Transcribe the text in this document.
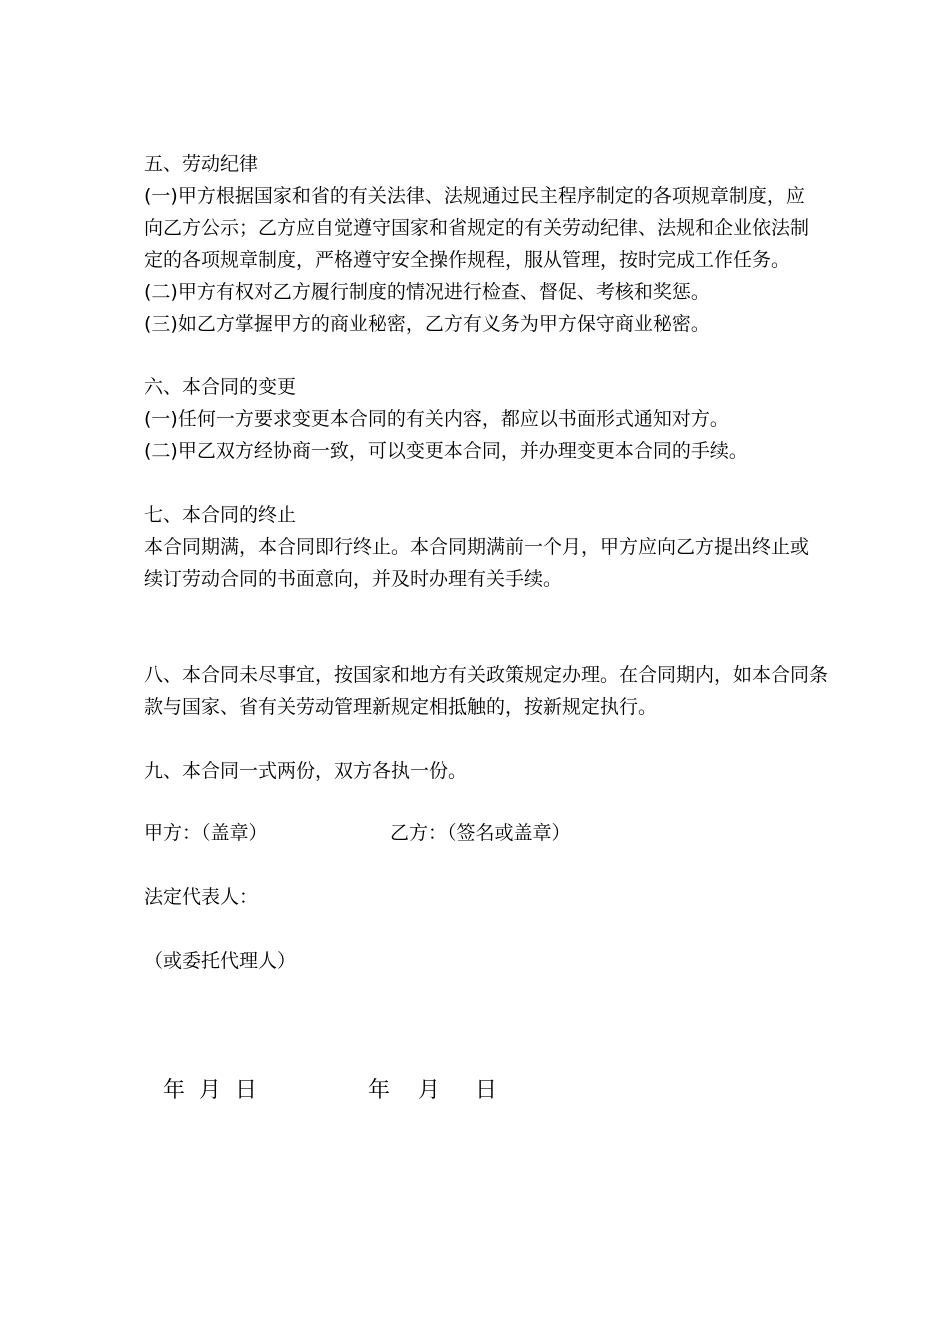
五、劳动纪律
(一)甲方根据国家和省的有关法律、法规通过民主程序制定的各项规章制度，应
向乙方公示；乙方应自觉遵守国家和省规定的有关劳动纪律、法规和企业依法制
定的各项规章制度，严格遵守安全操作规程，服从管理，按时完成工作任务。
(二)甲方有权对乙方履行制度的情况进行检查、督促、考核和奖惩。
(三)如乙方掌握甲方的商业秘密，乙方有义务为甲方保守商业秘密。
六、本合同的变更
(一)任何一方要求变更本合同的有关内容，都应以书面形式通知对方。
(二)甲乙双方经协商一致，可以变更本合同，并办理变更本合同的手续。
七、本合同的终止
本合同期满，本合同即行终止。本合同期满前一个月，甲方应向乙方提出终止或
续订劳动合同的书面意向，并及时办理有关手续。
八、本合同未尽事宜，按国家和地方有关政策规定办理。在合同期内，如本合同条
款与国家、省有关劳动管理新规定相抵触的，按新规定执行。
九、本合同一式两份，双方各执一份。
甲方：（盖章）	乙方：（签名或盖章）
法定代表人：
（或委托代理人）
年  月  日	年    月     日
